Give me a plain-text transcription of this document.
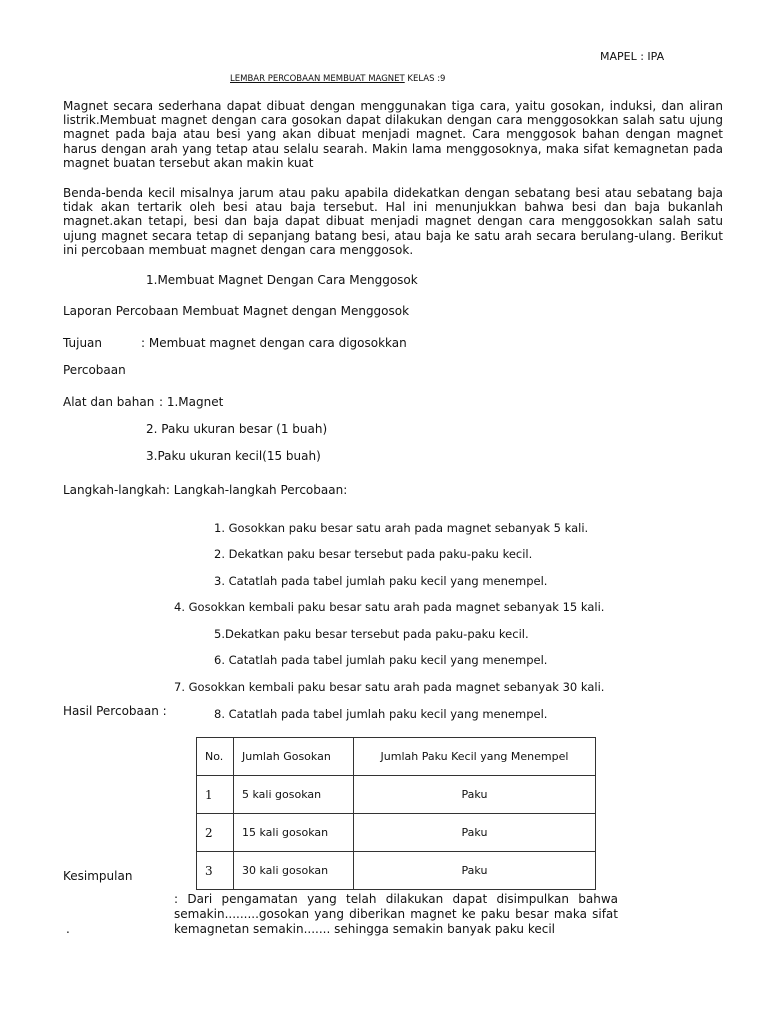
MAPEL : IPA
LEMBAR PERCOBAAN MEMBUAT MAGNET KELAS :9
Magnet secara sederhana dapat dibuat dengan menggunakan tiga cara, yaitu gosokan, induksi, dan aliran listrik.Membuat magnet dengan cara gosokan dapat dilakukan dengan cara menggosokkan salah satu ujung magnet pada baja atau besi yang akan dibuat menjadi magnet. Cara menggosok bahan dengan magnet harus dengan arah yang tetap atau selalu searah. Makin lama menggosoknya, maka sifat kemagnetan pada magnet buatan tersebut akan makin kuat
Benda-benda kecil misalnya jarum atau paku apabila didekatkan dengan sebatang besi atau sebatang baja tidak akan tertarik oleh besi atau baja tersebut. Hal ini menunjukkan bahwa besi dan baja bukanlah magnet.akan tetapi, besi dan baja dapat dibuat menjadi magnet dengan cara menggosokkan salah satu ujung magnet secara tetap di sepanjang batang besi, atau baja ke satu arah secara berulang-ulang. Berikut ini percobaan membuat magnet dengan cara menggosok.
1.Membuat Magnet Dengan Cara Menggosok
Laporan Percobaan Membuat Magnet dengan Menggosok
Tujuan	: Membuat magnet dengan cara digosokkan
Percobaan
Alat dan bahan : 1.Magnet
2. Paku ukuran besar (1 buah)
3.Paku ukuran kecil(15 buah)
Langkah-langkah: Langkah-langkah Percobaan:
1. Gosokkan paku besar satu arah pada magnet sebanyak 5 kali.
2. Dekatkan paku besar tersebut pada paku-paku kecil.
3. Catatlah pada tabel jumlah paku kecil yang menempel.
4. Gosokkan kembali paku besar satu arah pada magnet sebanyak 15 kali.
5.Dekatkan paku besar tersebut pada paku-paku kecil.
6. Catatlah pada tabel jumlah paku kecil yang menempel.
7. Gosokkan kembali paku besar satu arah pada magnet sebanyak 30 kali.
Hasil Percobaan :	8. Catatlah pada tabel jumlah paku kecil yang menempel.
No.	Jumlah Gosokan	Jumlah Paku Kecil yang Menempel
1	5 kali gosokan	Paku
2	15 kali gosokan	Paku
3	30 kali gosokan	Paku
Kesimpulan
: Dari pengamatan yang telah dilakukan dapat disimpulkan bahwa semakin.........gosokan yang diberikan magnet ke paku besar maka sifat kemagnetan semakin....... sehingga semakin banyak paku kecil
.
